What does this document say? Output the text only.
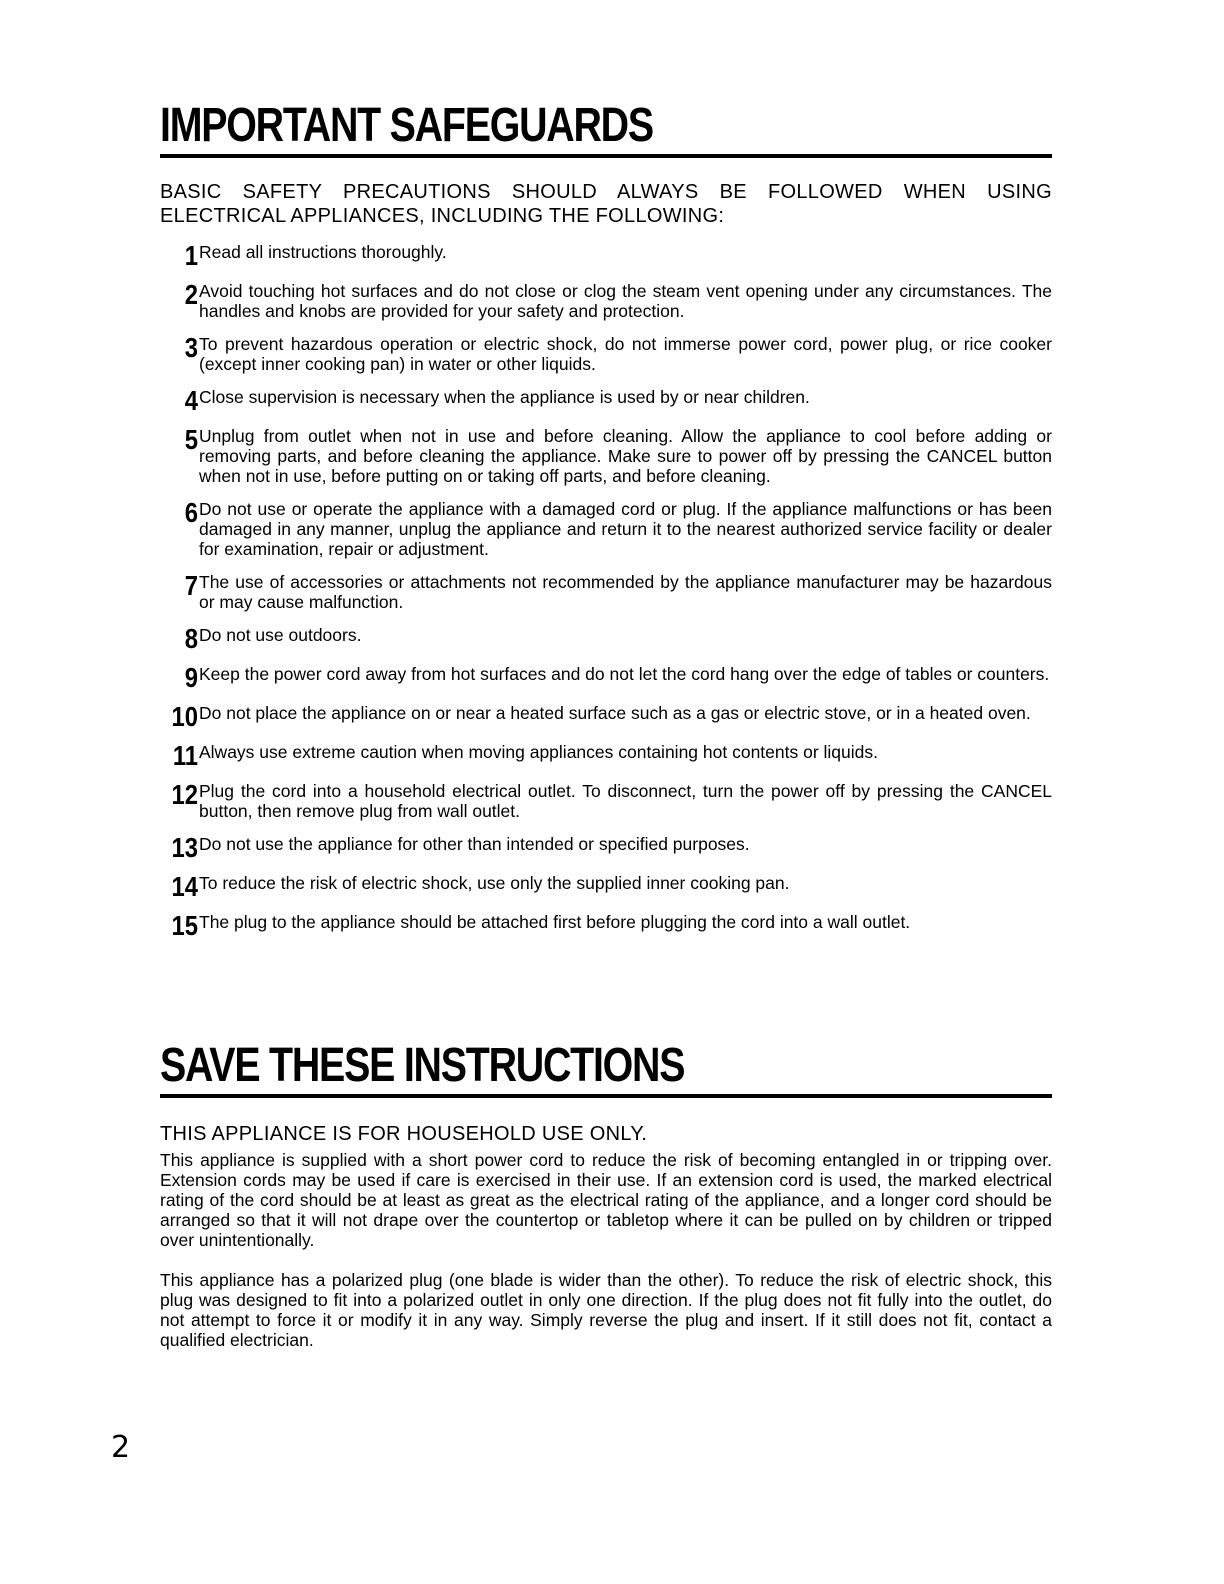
IMPORTANT SAFEGUARDS
BASIC SAFETY PRECAUTIONS SHOULD ALWAYS BE FOLLOWED WHEN USING ELECTRICAL APPLIANCES, INCLUDING THE FOLLOWING:
1 Read all instructions thoroughly.
2 Avoid touching hot surfaces and do not close or clog the steam vent opening under any circumstances. The handles and knobs are provided for your safety and protection.
3 To prevent hazardous operation or electric shock, do not immerse power cord, power plug, or rice cooker (except inner cooking pan) in water or other liquids.
4 Close supervision is necessary when the appliance is used by or near children.
5 Unplug from outlet when not in use and before cleaning. Allow the appliance to cool before adding or removing parts, and before cleaning the appliance. Make sure to power off by pressing the CANCEL button when not in use, before putting on or taking off parts, and before cleaning.
6 Do not use or operate the appliance with a damaged cord or plug. If the appliance malfunctions or has been damaged in any manner, unplug the appliance and return it to the nearest authorized service facility or dealer for examination, repair or adjustment.
7 The use of accessories or attachments not recommended by the appliance manufacturer may be hazardous or may cause malfunction.
8 Do not use outdoors.
9 Keep the power cord away from hot surfaces and do not let the cord hang over the edge of tables or counters.
10 Do not place the appliance on or near a heated surface such as a gas or electric stove, or in a heated oven.
11 Always use extreme caution when moving appliances containing hot contents or liquids.
12 Plug the cord into a household electrical outlet. To disconnect, turn the power off by pressing the CANCEL button, then remove plug from wall outlet.
13 Do not use the appliance for other than intended or specified purposes.
14 To reduce the risk of electric shock, use only the supplied inner cooking pan.
15 The plug to the appliance should be attached first before plugging the cord into a wall outlet.
SAVE THESE INSTRUCTIONS
THIS APPLIANCE IS FOR HOUSEHOLD USE ONLY.

This appliance is supplied with a short power cord to reduce the risk of becoming entangled in or tripping over. Extension cords may be used if care is exercised in their use. If an extension cord is used, the marked electrical rating of the cord should be at least as great as the electrical rating of the appliance, and a longer cord should be arranged so that it will not drape over the countertop or tabletop where it can be pulled on by children or tripped over unintentionally.

This appliance has a polarized plug (one blade is wider than the other). To reduce the risk of electric shock, this plug was designed to fit into a polarized outlet in only one direction. If the plug does not fit fully into the outlet, do not attempt to force it or modify it in any way. Simply reverse the plug and insert. If it still does not fit, contact a qualified electrician.

2
